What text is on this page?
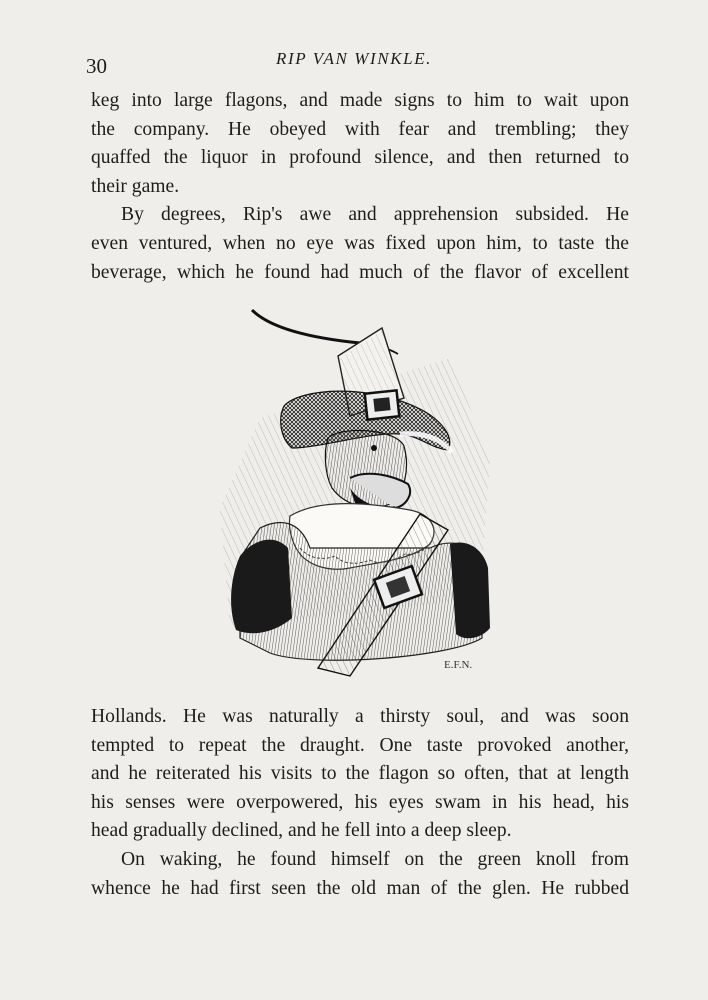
30	RIP VAN WINKLE.

keg into large flagons, and made signs to him to wait upon
the company. He obeyed with fear and trembling; they
quaffed the liquor in profound silence, and then returned to
their game.

By degrees, Rip's awe and apprehension subsided. He
even ventured, when no eye was fixed upon him, to taste the
beverage, which he found had much of the flavor of excellent

E.F.N.

Hollands. He was naturally a thirsty soul, and was soon
tempted to repeat the draught. One taste provoked another,
and he reiterated his visits to the flagon so often, that at length
his senses were overpowered, his eyes swam in his head, his
head gradually declined, and he fell into a deep sleep.

On waking, he found himself on the green knoll from
whence he had first seen the old man of the glen. He rubbed
